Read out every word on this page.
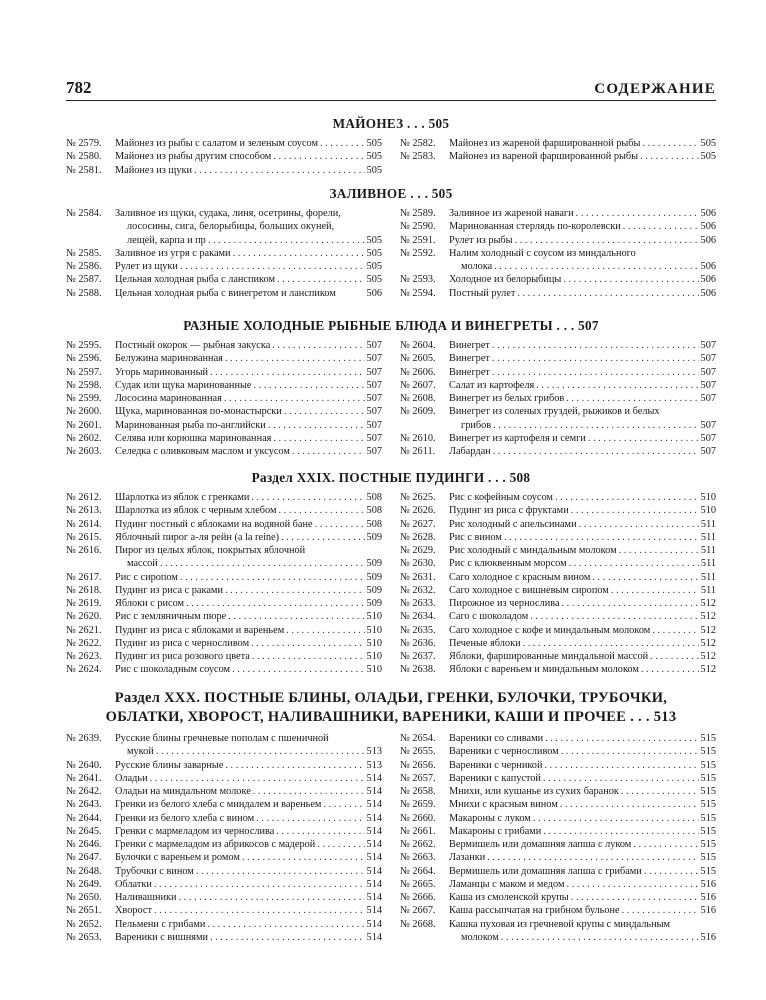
782	СОДЕРЖАНИЕ
МАЙОНЕЗ . . . 505
№ 2579.	Майонез из рыбы с салатом и зеленым соусом . . .	505
№ 2580.	Майонез из рыбы другим способом . . .	505
№ 2581.	Майонез из щуки . . .	505
№ 2582.	Майонез из жареной фаршированной рыбы . . .	505
№ 2583.	Майонез из вареной фаршированной рыбы . . .	505
ЗАЛИВНОЕ . . . 505
№ 2584.	Заливное из щуки, судака, линя, осетрины, форели,
лососины, сига, белорыбицы, больших окуней,
лещей, карпа и пр . . .	505
№ 2585.	Заливное из угря с раками . . .	505
№ 2586.	Рулет из щуки . . .	505
№ 2587.	Цельная холодная рыба с ланспиком . . .	505
№ 2588.	Цельная холодная рыба с винегретом и ланспиком	506
№ 2589.	Заливное из жареной наваги . . .	506
№ 2590.	Маринованная стерлядь по-королевски . . .	506
№ 2591.	Рулет из рыбы . . .	506
№ 2592.	Налим холодный с соусом из миндального
молока . . .	506
№ 2593.	Холодное из белорыбицы . . .	506
№ 2594.	Постный рулет . . .	506
РАЗНЫЕ ХОЛОДНЫЕ РЫБНЫЕ БЛЮДА И ВИНЕГРЕТЫ . . . 507
№ 2595.	Постный окорок — рыбная закуска . . .	507
№ 2596.	Белужина маринованная . . .	507
№ 2597.	Угорь маринованный . . .	507
№ 2598.	Судак или щука маринованные . . .	507
№ 2599.	Лососина маринованная . . .	507
№ 2600.	Щука, маринованная по-монастырски . . .	507
№ 2601.	Маринованная рыба по-английски . . .	507
№ 2602.	Селява или корюшка маринованная . . .	507
№ 2603.	Селедка с оливковым маслом и уксусом . . .	507
№ 2604.	Винегрет . . .	507
№ 2605.	Винегрет . . .	507
№ 2606.	Винегрет . . .	507
№ 2607.	Салат из картофеля . . .	507
№ 2608.	Винегрет из белых грибов . . .	507
№ 2609.	Винегрет из соленых груздей, рыжиков и белых
грибов . . .	507
№ 2610.	Винегрет из картофеля и семги . . .	507
№ 2611.	Лабардан . . .	507
Раздел XXIX. ПОСТНЫЕ ПУДИНГИ . . . 508
№ 2612.	Шарлотка из яблок с гренками . . .	508
№ 2613.	Шарлотка из яблок с черным хлебом . . .	508
№ 2614.	Пудинг постный с яблоками на водяной бане . . .	508
№ 2615.	Яблочный пирог а-ля рейн (a la reine) . . .	509
№ 2616.	Пирог из целых яблок, покрытых яблочной
массой . . .	509
№ 2617.	Рис с сиропом . . .	509
№ 2618.	Пудинг из риса с раками . . .	509
№ 2619.	Яблоки с рисом . . .	509
№ 2620.	Рис с земляничным пюре . . .	510
№ 2621.	Пудинг из риса с яблоками и вареньем . . .	510
№ 2622.	Пудинг из риса с черносливом . . .	510
№ 2623.	Пудинг из риса розового цвета . . .	510
№ 2624.	Рис с шоколадным соусом . . .	510
№ 2625.	Рис с кофейным соусом . . .	510
№ 2626.	Пудинг из риса с фруктами . . .	510
№ 2627.	Рис холодный с апельсинами . . .	511
№ 2628.	Рис с вином . . .	511
№ 2629.	Рис холодный с миндальным молоком . . .	511
№ 2630.	Рис с клюквенным морсом . . .	511
№ 2631.	Саго холодное с красным вином . . .	511
№ 2632.	Саго холодное с вишневым сиропом . . .	511
№ 2633.	Пирожное из чернослива . . .	512
№ 2634.	Саго с шоколадом . . .	512
№ 2635.	Саго холодное с кофе и миндальным молоком . . .	512
№ 2636.	Печеные яблоки . . .	512
№ 2637.	Яблоки, фаршированные миндальной массой . . .	512
№ 2638.	Яблоки с вареньем и миндальным молоком . . .	512
Раздел XXX. ПОСТНЫЕ БЛИНЫ, ОЛАДЬИ, ГРЕНКИ, БУЛОЧКИ, ТРУБОЧКИ,
ОБЛАТКИ, ХВОРОСТ, НАЛИВАШНИКИ, ВАРЕНИКИ, КАШИ И ПРОЧЕЕ . . . 513
№ 2639.	Русские блины гречневые пополам с пшеничной
мукой . . .	513
№ 2640.	Русские блины заварные . . .	513
№ 2641.	Оладьи . . .	514
№ 2642.	Оладьи на миндальном молоке . . .	514
№ 2643.	Гренки из белого хлеба с миндалем и вареньем . . .	514
№ 2644.	Гренки из белого хлеба с вином . . .	514
№ 2645.	Гренки с мармеладом из чернослива . . .	514
№ 2646.	Гренки с мармеладом из абрикосов с мадерой . . .	514
№ 2647.	Булочки с вареньем и ромом . . .	514
№ 2648.	Трубочки с вином . . .	514
№ 2649.	Облатки . . .	514
№ 2650.	Наливашники . . .	514
№ 2651.	Хворост . . .	514
№ 2652.	Пельмени с грибами . . .	514
№ 2653.	Вареники с вишнями . . .	514
№ 2654.	Вареники со сливами . . .	515
№ 2655.	Вареники с черносливом . . .	515
№ 2656.	Вареники с черникой . . .	515
№ 2657.	Вареники с капустой . . .	515
№ 2658.	Мнихи, или кушанье из сухих баранок . . .	515
№ 2659.	Мнихи с красным вином . . .	515
№ 2660.	Макароны с луком . . .	515
№ 2661.	Макароны с грибами . . .	515
№ 2662.	Вермишель или домашняя лапша с луком . . .	515
№ 2663.	Лазанки . . .	515
№ 2664.	Вермишель или домашняя лапша с грибами . . .	515
№ 2665.	Ламанцы с маком и медом . . .	516
№ 2666.	Каша из смоленской крупы . . .	516
№ 2667.	Каша рассыпчатая на грибном бульоне . . .	516
№ 2668.	Кашка пуховая из гречневой крупы с миндальным
молоком . . .	516
